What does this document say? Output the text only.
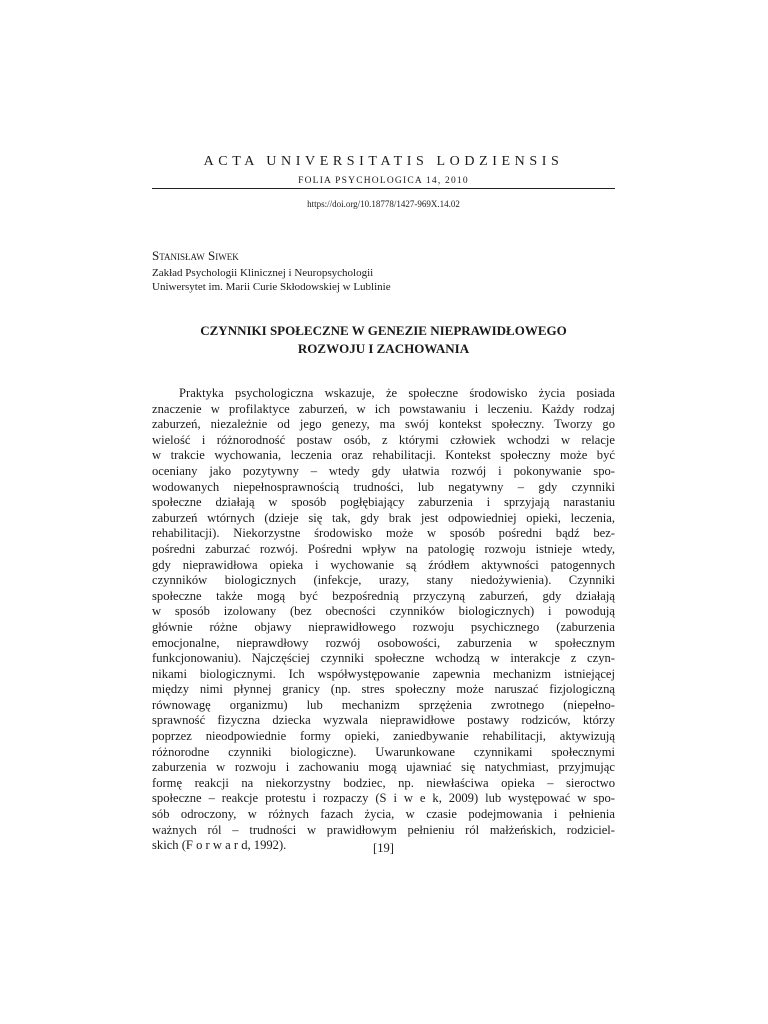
ACTA UNIVERSITATIS LODZIENSIS
FOLIA PSYCHOLOGICA 14, 2010
https://doi.org/10.18778/1427-969X.14.02
Stanisław Siwek
Zakład Psychologii Klinicznej i Neuropsychologii
Uniwersytet im. Marii Curie Skłodowskiej w Lublinie
CZYNNIKI SPOŁECZNE W GENEZIE NIEPRAWIDŁOWEGO
ROZWOJU I ZACHOWANIA
Praktyka psychologiczna wskazuje, że społeczne środowisko życia posiada
znaczenie w profilaktyce zaburzeń, w ich powstawaniu i leczeniu. Każdy rodzaj
zaburzeń, niezależnie od jego genezy, ma swój kontekst społeczny. Tworzy go
wielość i różnorodność postaw osób, z którymi człowiek wchodzi w relacje
w trakcie wychowania, leczenia oraz rehabilitacji. Kontekst społeczny może być
oceniany jako pozytywny – wtedy gdy ułatwia rozwój i pokonywanie spo-
wodowanych niepełnosprawnością trudności, lub negatywny – gdy czynniki
społeczne działają w sposób pogłębiający zaburzenia i sprzyjają narastaniu
zaburzeń wtórnych (dzieje się tak, gdy brak jest odpowiedniej opieki, leczenia,
rehabilitacji). Niekorzystne środowisko może w sposób pośredni bądź bez-
pośredni zaburzać rozwój. Pośredni wpływ na patologię rozwoju istnieje wtedy,
gdy nieprawidłowa opieka i wychowanie są źródłem aktywności patogennych
czynników biologicznych (infekcje, urazy, stany niedożywienia). Czynniki
społeczne także mogą być bezpośrednią przyczyną zaburzeń, gdy działają
w sposób izolowany (bez obecności czynników biologicznych) i powodują
głównie różne objawy nieprawidłowego rozwoju psychicznego (zaburzenia
emocjonalne, nieprawdłowy rozwój osobowości, zaburzenia w społecznym
funkcjonowaniu). Najczęściej czynniki społeczne wchodzą w interakcje z czyn-
nikami biologicznymi. Ich współwystępowanie zapewnia mechanizm istniejącej
między nimi płynnej granicy (np. stres społeczny może naruszać fizjologiczną
równowagę organizmu) lub mechanizm sprzężenia zwrotnego (niepełno-
sprawność fizyczna dziecka wyzwala nieprawidłowe postawy rodziców, którzy
poprzez nieodpowiednie formy opieki, zaniedbywanie rehabilitacji, aktywizują
różnorodne czynniki biologiczne). Uwarunkowane czynnikami społecznymi
zaburzenia w rozwoju i zachowaniu mogą ujawniać się natychmiast, przyjmując
formę reakcji na niekorzystny bodziec, np. niewłaściwa opieka – sieroctwo
społeczne – reakcje protestu i rozpaczy (S i w e k, 2009) lub występować w spo-
sób odroczony, w różnych fazach życia, w czasie podejmowania i pełnienia
ważnych ról – trudności w prawidłowym pełnieniu ról małżeńskich, rodziciel-
skich (F o r w a r d, 1992).	[19]
